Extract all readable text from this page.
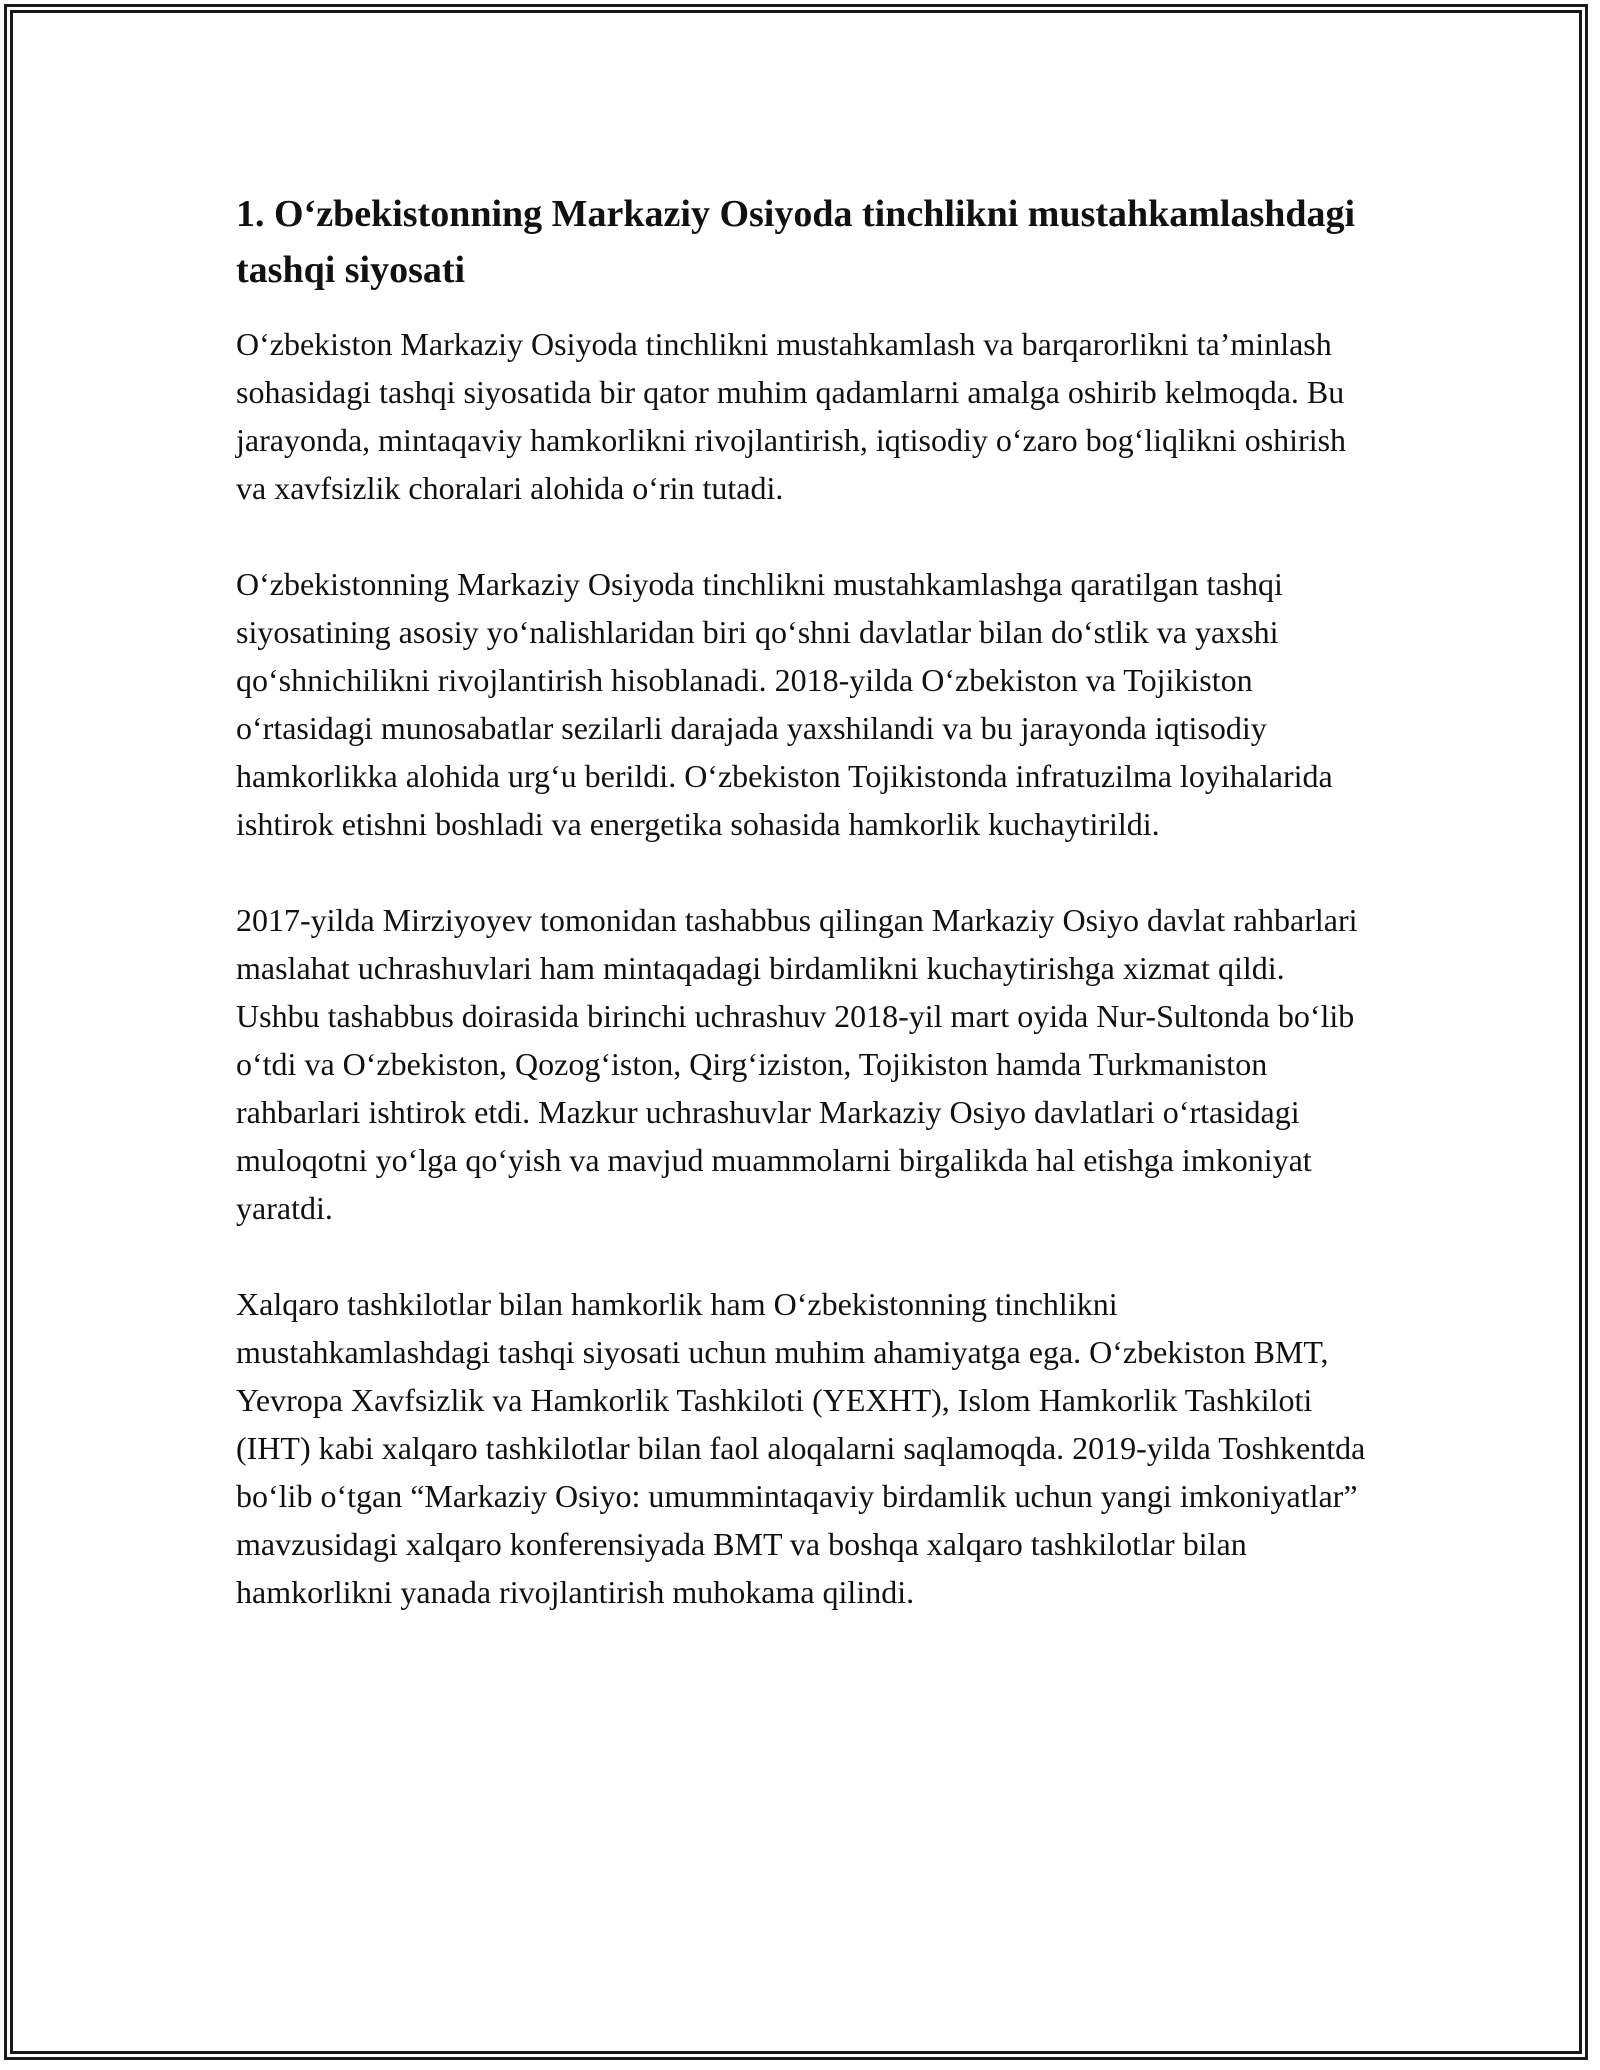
1. O‘zbekistonning Markaziy Osiyoda tinchlikni mustahkamlashdagi tashqi siyosati

O‘zbekiston Markaziy Osiyoda tinchlikni mustahkamlash va barqarorlikni ta’minlash sohasidagi tashqi siyosatida bir qator muhim qadamlarni amalga oshirib kelmoqda. Bu jarayonda, mintaqaviy hamkorlikni rivojlantirish, iqtisodiy o‘zaro bog‘liqlikni oshirish va xavfsizlik choralari alohida o‘rin tutadi.

O‘zbekistonning Markaziy Osiyoda tinchlikni mustahkamlashga qaratilgan tashqi siyosatining asosiy yo‘nalishlaridan biri qo‘shni davlatlar bilan do‘stlik va yaxshi qo‘shnichilikni rivojlantirish hisoblanadi. 2018-yilda O‘zbekiston va Tojikiston o‘rtasidagi munosabatlar sezilarli darajada yaxshilandi va bu jarayonda iqtisodiy hamkorlikka alohida urg‘u berildi. O‘zbekiston Tojikistonda infratuzilma loyihalarida ishtirok etishni boshladi va energetika sohasida hamkorlik kuchaytirildi.

2017-yilda Mirziyoyev tomonidan tashabbus qilingan Markaziy Osiyo davlat rahbarlari maslahat uchrashuvlari ham mintaqadagi birdamlikni kuchaytirishga xizmat qildi. Ushbu tashabbus doirasida birinchi uchrashuv 2018-yil mart oyida Nur-Sultonda bo‘lib o‘tdi va O‘zbekiston, Qozog‘iston, Qirg‘iziston, Tojikiston hamda Turkmaniston rahbarlari ishtirok etdi. Mazkur uchrashuvlar Markaziy Osiyo davlatlari o‘rtasidagi muloqotni yo‘lga qo‘yish va mavjud muammolarni birgalikda hal etishga imkoniyat yaratdi.

Xalqaro tashkilotlar bilan hamkorlik ham O‘zbekistonning tinchlikni mustahkamlashdagi tashqi siyosati uchun muhim ahamiyatga ega. O‘zbekiston BMT, Yevropa Xavfsizlik va Hamkorlik Tashkiloti (YEXHT), Islom Hamkorlik Tashkiloti (IHT) kabi xalqaro tashkilotlar bilan faol aloqalarni saqlamoqda. 2019-yilda Toshkentda bo‘lib o‘tgan “Markaziy Osiyo: umummintaqaviy birdamlik uchun yangi imkoniyatlar” mavzusidagi xalqaro konferensiyada BMT va boshqa xalqaro tashkilotlar bilan hamkorlikni yanada rivojlantirish muhokama qilindi.
